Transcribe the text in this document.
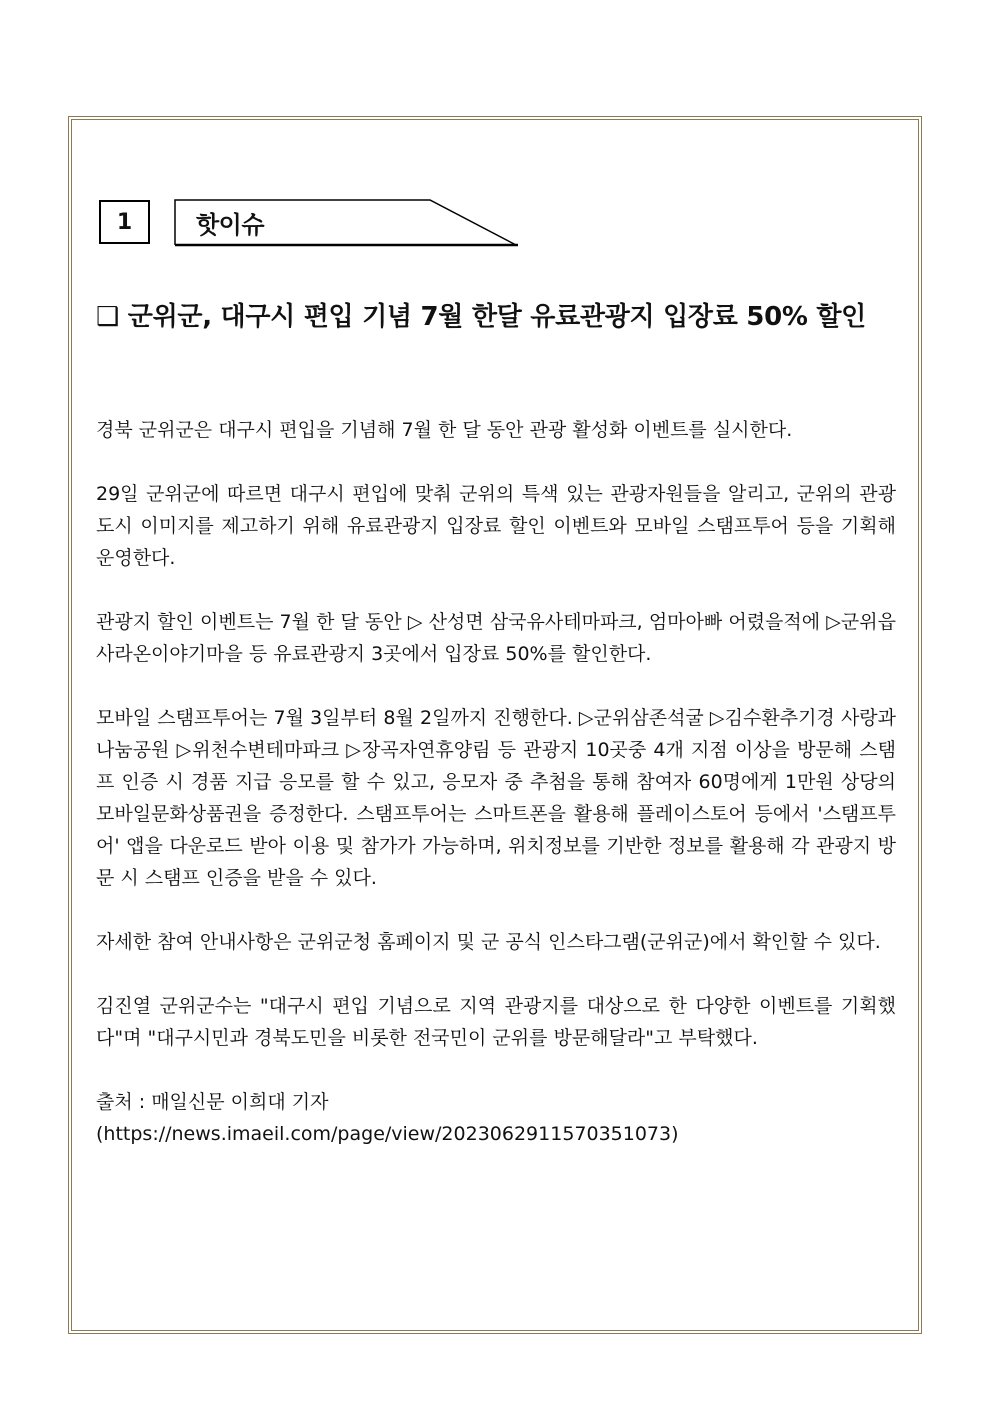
1	핫이슈
❑ 군위군, 대구시 편입 기념 7월 한달 유료관광지 입장료 50% 할인

경북 군위군은 대구시 편입을 기념해 7월 한 달 동안 관광 활성화 이벤트를 실시한다.

29일 군위군에 따르면 대구시 편입에 맞춰 군위의 특색 있는 관광자원들을 알리고, 군위의 관광도시 이미지를 제고하기 위해 유료관광지 입장료 할인 이벤트와 모바일 스탬프투어 등을 기획해 운영한다.

관광지 할인 이벤트는 7월 한 달 동안 ▷ 산성면 삼국유사테마파크, 엄마아빠 어렸을적에 ▷군위읍 사라온이야기마을 등 유료관광지 3곳에서 입장료 50%를 할인한다.

모바일 스탬프투어는 7월 3일부터 8월 2일까지 진행한다. ▷군위삼존석굴 ▷김수환추기경 사랑과나눔공원 ▷위천수변테마파크 ▷장곡자연휴양림 등 관광지 10곳중 4개 지점 이상을 방문해 스탬프 인증 시 경품 지급 응모를 할 수 있고, 응모자 중 추첨을 통해 참여자 60명에게 1만원 상당의 모바일문화상품권을 증정한다. 스탬프투어는 스마트폰을 활용해 플레이스토어 등에서 '스탬프투어' 앱을 다운로드 받아 이용 및 참가가 가능하며, 위치정보를 기반한 정보를 활용해 각 관광지 방문 시 스탬프 인증을 받을 수 있다.

자세한 참여 안내사항은 군위군청 홈페이지 및 군 공식 인스타그램(군위군)에서 확인할 수 있다.

김진열 군위군수는 "대구시 편입 기념으로 지역 관광지를 대상으로 한 다양한 이벤트를 기획했다"며 "대구시민과 경북도민을 비롯한 전국민이 군위를 방문해달라"고 부탁했다.

출처 : 매일신문 이희대 기자
(https://news.imaeil.com/page/view/2023062911570351073)
